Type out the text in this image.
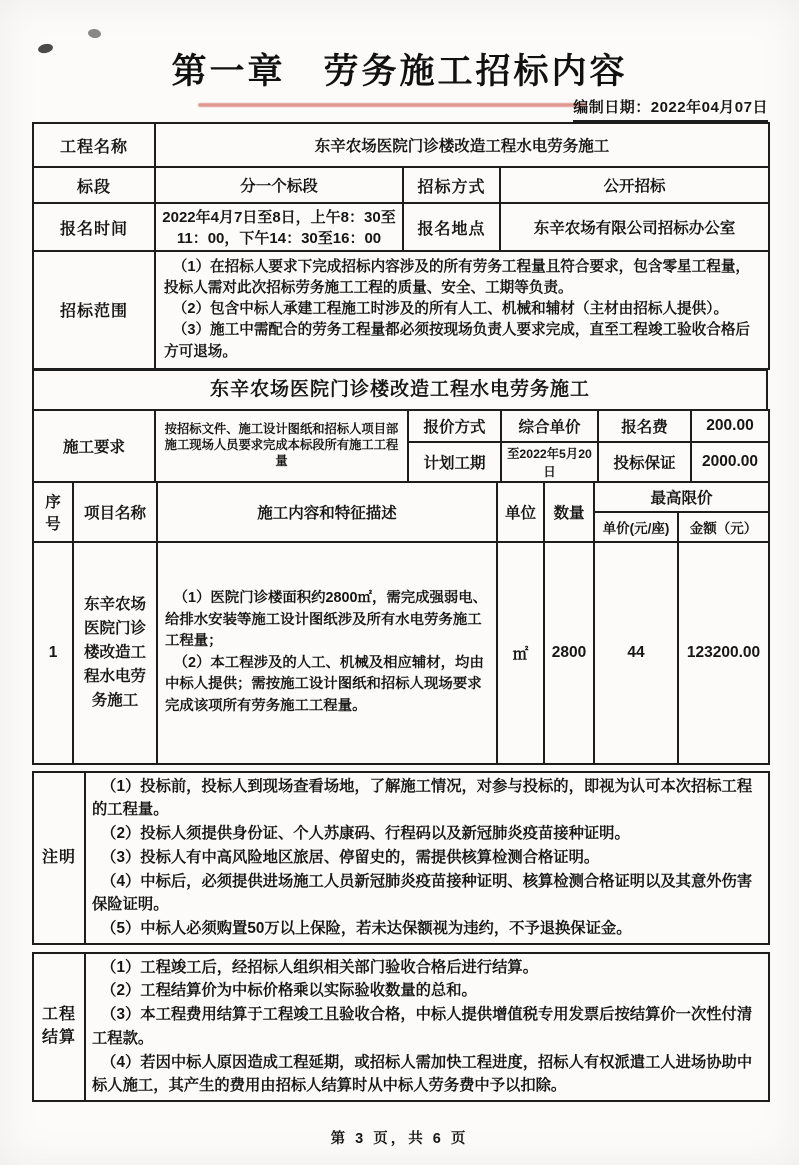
第一章　劳务施工招标内容
编制日期：2022年04月07日
工程名称	东辛农场医院门诊楼改造工程水电劳务施工		
标段	分一个标段	招标方式	公开招标
报名时间	2022年4月7日至8日，上午8：30至11：00，下午14：30至16：00	报名地点	东辛农场有限公司招标办公室
招标范围	（1）在招标人要求下完成招标内容涉及的所有劳务工程量且符合要求，包含零星工程量，投标人需对此次招标劳务施工工程的质量、安全、工期等负责。

（2）包含中标人承建工程施工时涉及的所有人工、机械和辅材（主材由招标人提供）。

（3）施工中需配合的劳务工程量都必须按现场负责人要求完成，直至工程竣工验收合格后方可退场。		

东辛农场医院门诊楼改造工程水电劳务施工
施工要求	按招标文件、施工设计图纸和招标人项目部施工现场人员要求完成本标段所有施工工程量	报价方式	综合单价	报名费	200.00
		计划工期	至2022年5月20日	投标保证	2000.00
序号	项目名称	施工内容和特征描述	单位	数量	最高限价	
					单价(元/座)	金额（元）
1	东辛农场医院门诊楼改造工程水电劳务施工	（1）医院门诊楼面积约2800㎡，需完成强弱电、给排水安装等施工设计图纸涉及所有水电劳务施工工程量；

（2）本工程涉及的人工、机械及相应辅材，均由中标人提供；需按施工设计图纸和招标人现场要求完成该项所有劳务施工工程量。	㎡	2800	44	123200.00
注明	

（1）投标前，投标人到现场查看场地，了解施工情况，对参与投标的，即视为认可本次招标工程的工程量。

（2）投标人须提供身份证、个人苏康码、行程码以及新冠肺炎疫苗接种证明。

（3）投标人有中高风险地区旅居、停留史的，需提供核算检测合格证明。

（4）中标后，必须提供进场施工人员新冠肺炎疫苗接种证明、核算检测合格证明以及其意外伤害保险证明。

（5）中标人必须购置50万以上保险，若未达保额视为违约，不予退换保证金。

工程结算	

（1）工程竣工后，经招标人组织相关部门验收合格后进行结算。

（2）工程结算价为中标价格乘以实际验收数量的总和。

（3）本工程费用结算于工程竣工且验收合格，中标人提供增值税专用发票后按结算价一次性付清工程款。

（4）若因中标人原因造成工程延期，或招标人需加快工程进度，招标人有权派遣工人进场协助中标人施工，其产生的费用由招标人结算时从中标人劳务费中予以扣除。

第 3 页，共 6 页
